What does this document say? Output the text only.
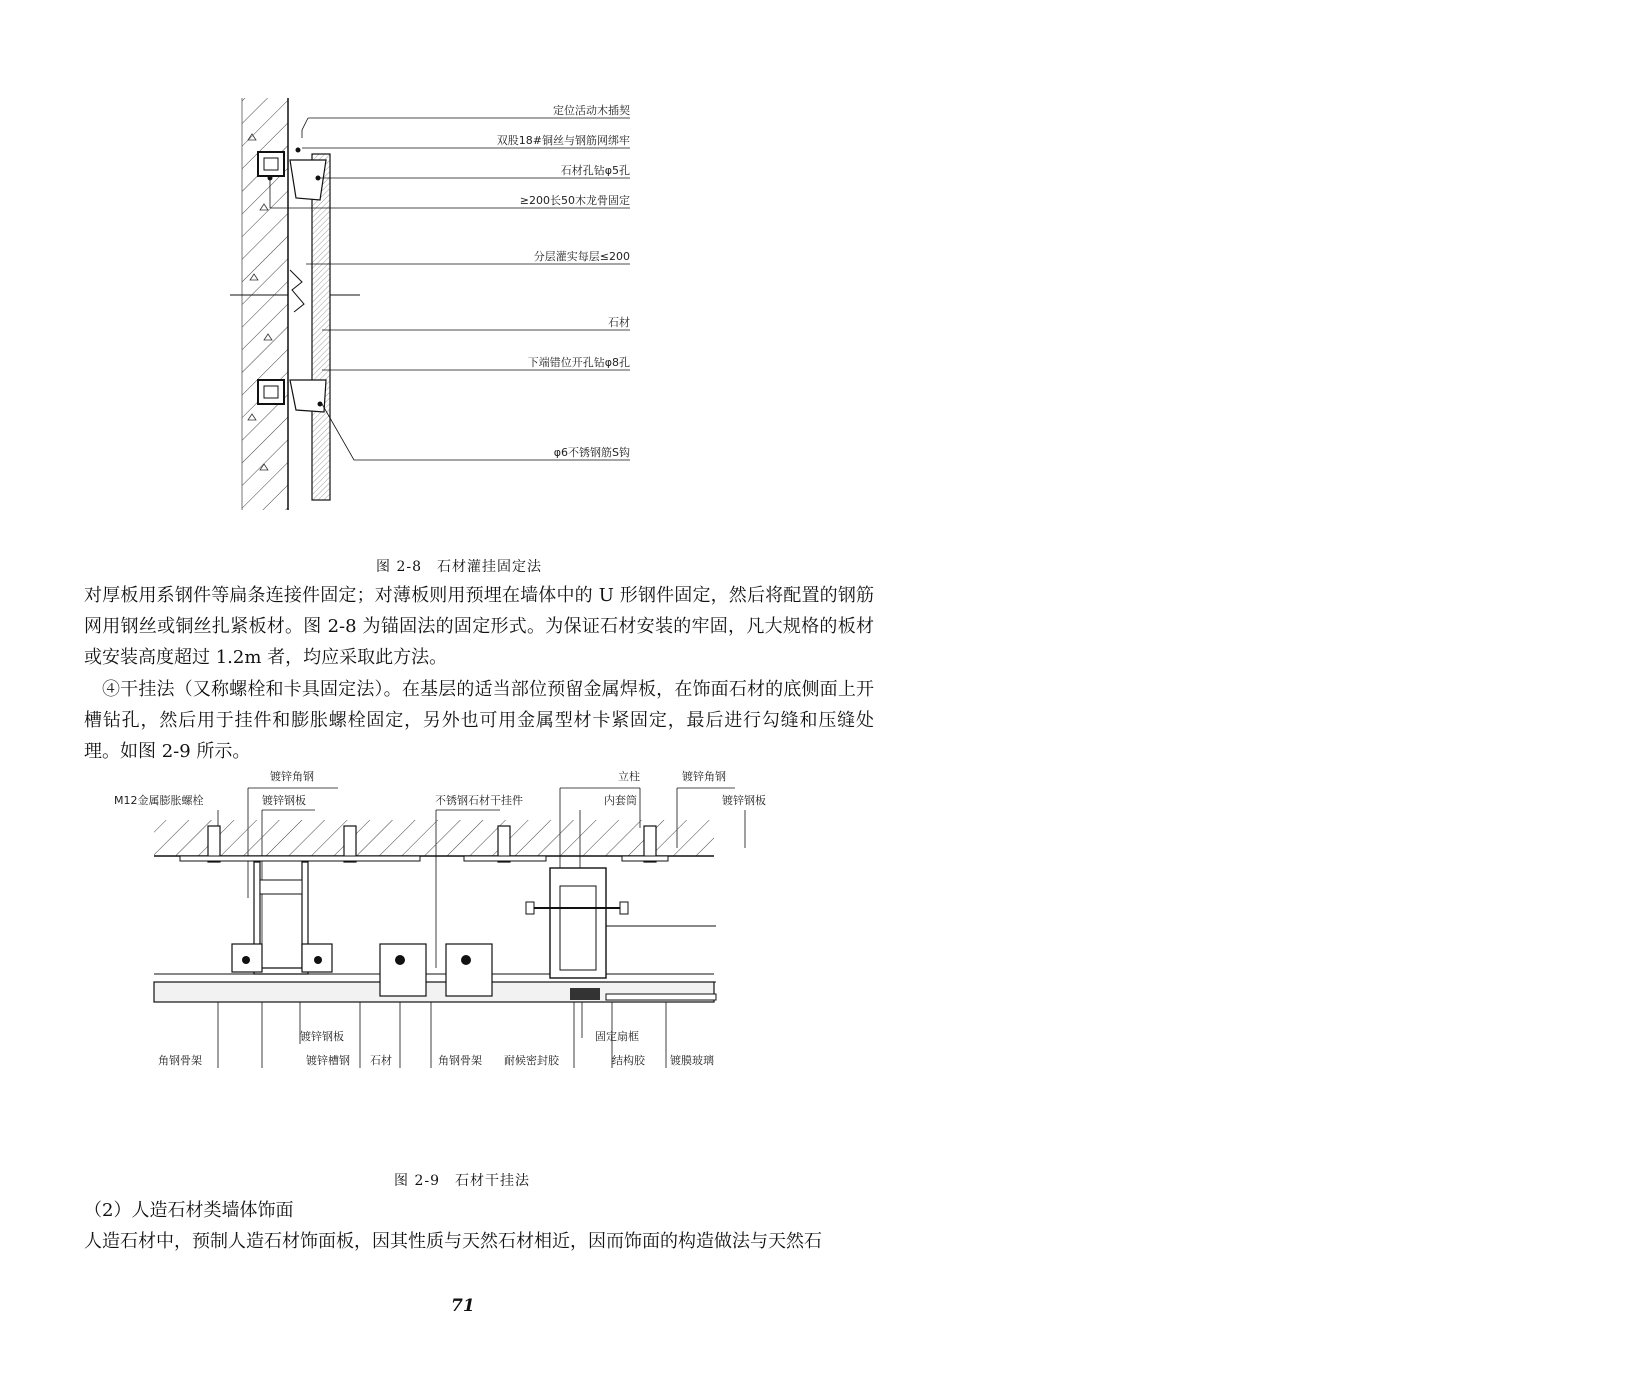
定位活动木插契
双股18#铜丝与钢筋网绑牢
石材孔钻φ5孔
≥200长50木龙骨固定
分层灌实每层≤200
石材
下端错位开孔钻φ8孔
φ6不锈钢筋S钩
图 2-8　石材灌挂固定法

对厚板用系钢件等扁条连接件固定；对薄板则用预埋在墙体中的 U 形钢件固定，然后将配置的钢筋网用钢丝或铜丝扎紧板材。图 2-8 为锚固法的固定形式。为保证石材安装的牢固，凡大规格的板材或安装高度超过 1.2m 者，均应采取此方法。

④干挂法（又称螺栓和卡具固定法）。在基层的适当部位预留金属焊板，在饰面石材的底侧面上开槽钻孔，然后用于挂件和膨胀螺栓固定，另外也可用金属型材卡紧固定，最后进行勾缝和压缝处理。如图 2-9 所示。

镀锌角钢
M12金属膨胀螺栓	镀锌钢板	不锈钢石材干挂件
立柱	镀锌角钢
内套筒	镀锌钢板
镀锌钢板	固定扇框
角钢骨架	镀锌槽钢 石材	角钢骨架 耐候密封胶	结构胶 镀膜玻璃
图 2-9　石材干挂法
（2）人造石材类墙体饰面

人造石材中，预制人造石材饰面板，因其性质与天然石材相近，因而饰面的构造做法与天然石

71
